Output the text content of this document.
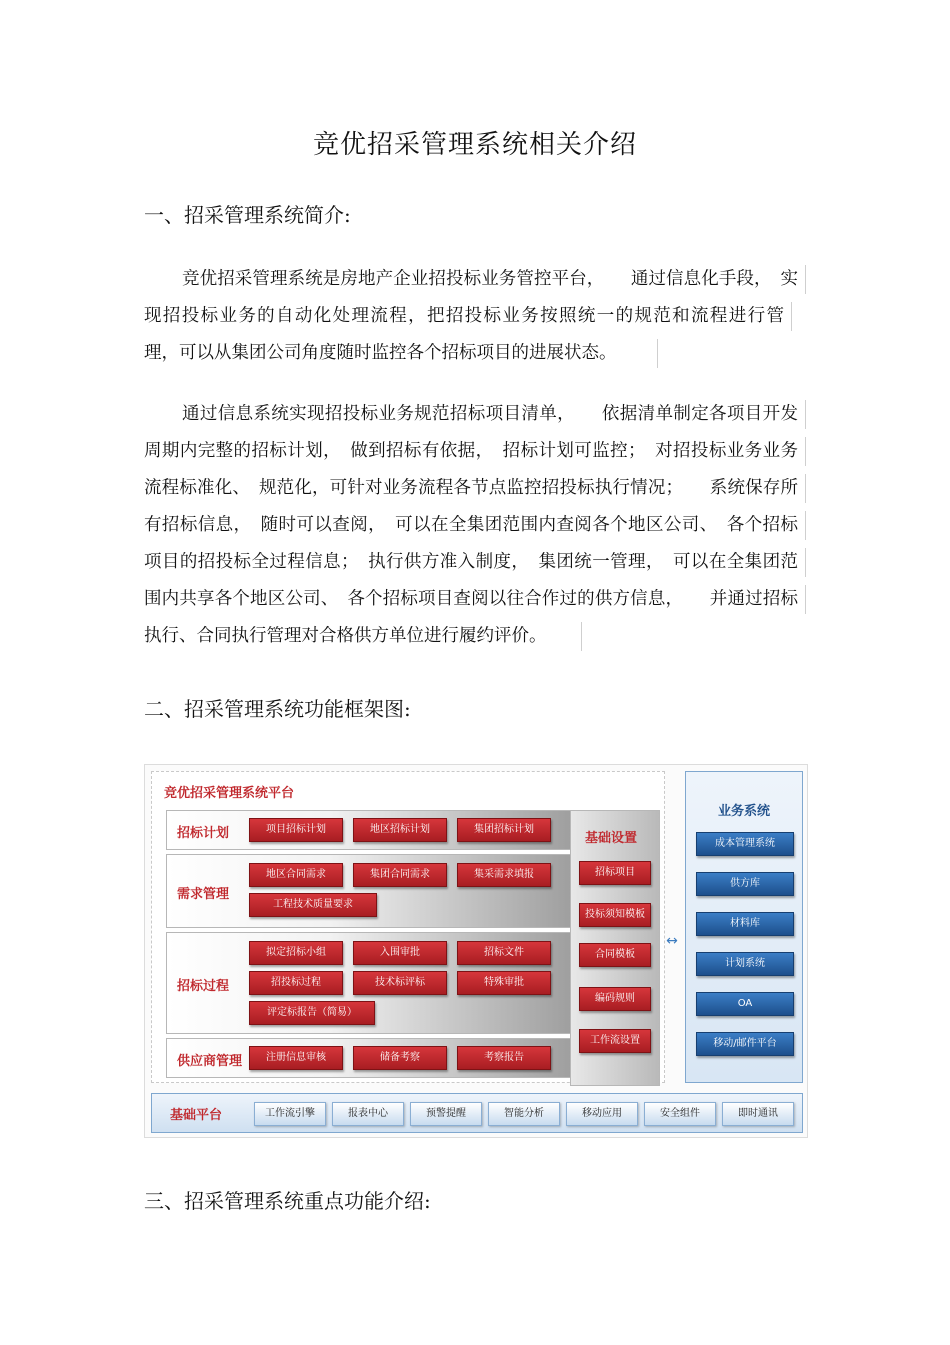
竞优招采管理系统相关介绍
一、招采管理系统简介:
竞优招采管理系统是房地产企业招投标业务管控平台，　　通过信息化手段，　实
现招投标业务的自动化处理流程，把招投标业务按照统一的规范和流程进行管
理，可以从集团公司角度随时监控各个招标项目的进展状态。
通过信息系统实现招投标业务规范招标项目清单，　　依据清单制定各项目开发
周期内完整的招标计划，　做到招标有依据，　招标计划可监控；　对招投标业务业务
流程标准化、　规范化，可针对业务流程各节点监控招投标执行情况；　　系统保存所
有招标信息，　随时可以查阅，　可以在全集团范围内查阅各个地区公司、　各个招标
项目的招投标全过程信息；　执行供方准入制度，　集团统一管理，　可以在全集团范
围内共享各个地区公司、　各个招标项目查阅以往合作过的供方信息，　　并通过招标
执行、合同执行管理对合格供方单位进行履约评价。
二、招采管理系统功能框架图:
竞优招采管理系统平台
招标计划	项目招标计划	地区招标计划	集团招标计划
需求管理
地区合同需求	集团合同需求	集采需求填报
工程技术质量要求
招标过程
拟定招标小组	入围审批	招标文件
招投标过程	技术标评标	特殊审批
评定标报告（简易）
供应商管理	注册信息审核	储备考察	考察报告
基础设置
招标项目
投标须知模板
合同模板
编码规则
工作流设置
↔
业务系统
成本管理系统
供方库
材料库
计划系统
OA
移动/邮件平台
基础平台	工作流引擎	报表中心	预警提醒	智能分析	移动应用	安全组件	即时通讯
三、招采管理系统重点功能介绍:
